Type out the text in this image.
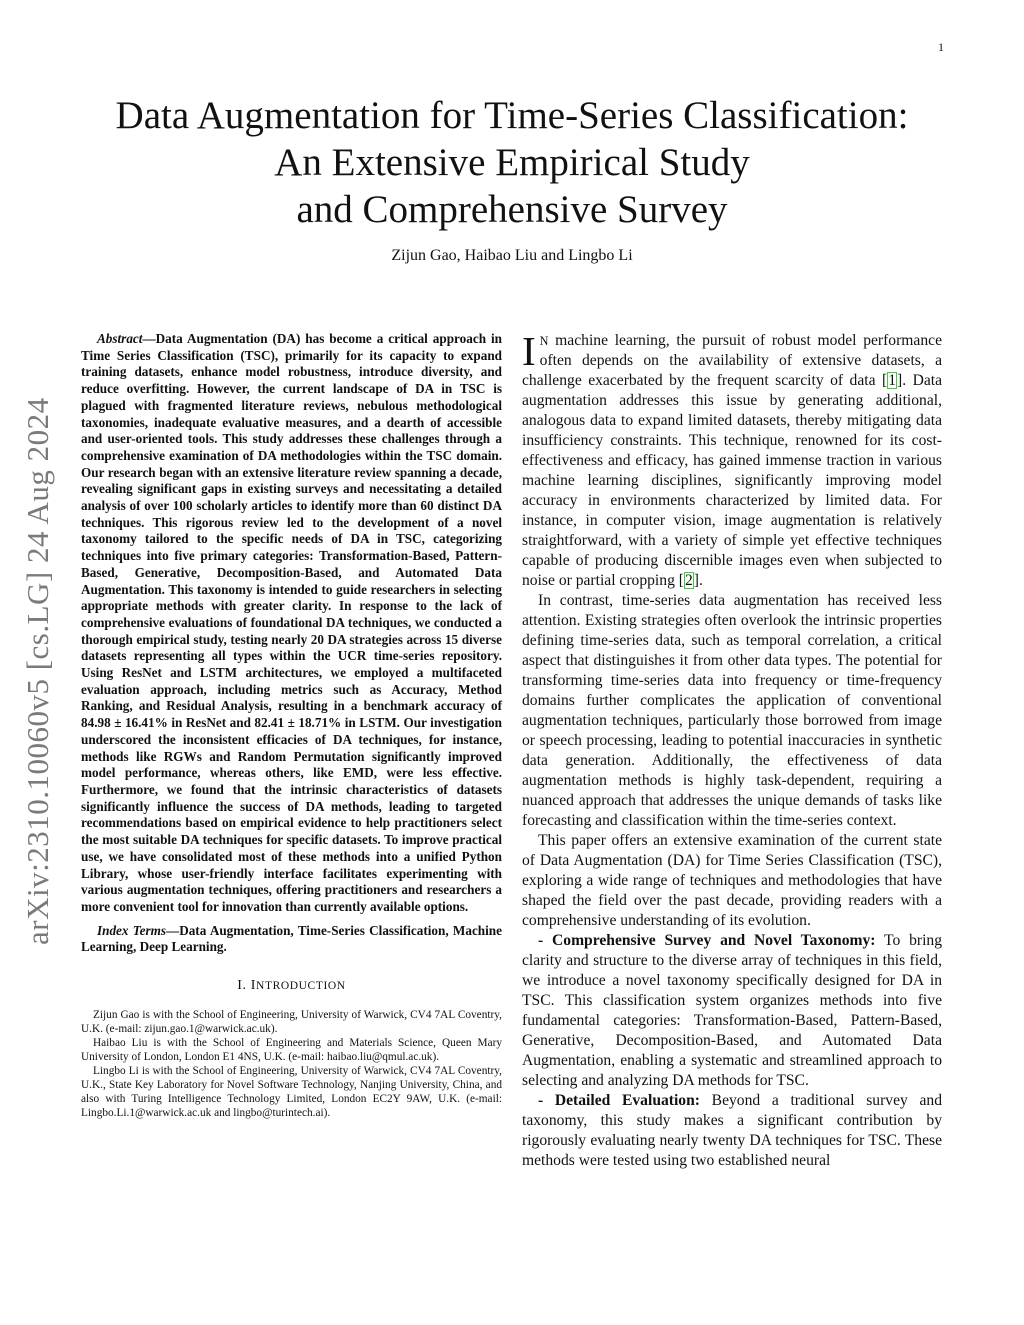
1
arXiv:2310.10060v5 [cs.LG] 24 Aug 2024
Data Augmentation for Time-Series Classification:
An Extensive Empirical Study
and Comprehensive Survey
Zijun Gao, Haibao Liu and Lingbo Li

Abstract—Data Augmentation (DA) has become a critical approach in Time Series Classification (TSC), primarily for its capacity to expand training datasets, enhance model robustness, introduce diversity, and reduce overfitting. However, the current landscape of DA in TSC is plagued with fragmented literature reviews, nebulous methodological taxonomies, inadequate evaluative measures, and a dearth of accessible and user-oriented tools. This study addresses these challenges through a comprehensive examination of DA methodologies within the TSC domain. Our research began with an extensive literature review spanning a decade, revealing significant gaps in existing surveys and necessitating a detailed analysis of over 100 scholarly articles to identify more than 60 distinct DA techniques. This rigorous review led to the development of a novel taxonomy tailored to the specific needs of DA in TSC, categorizing techniques into five primary categories: Transformation-Based, Pattern-Based, Generative, Decomposition-Based, and Automated Data Augmentation. This taxonomy is intended to guide researchers in selecting appropriate methods with greater clarity. In response to the lack of comprehensive evaluations of foundational DA techniques, we conducted a thorough empirical study, testing nearly 20 DA strategies across 15 diverse datasets representing all types within the UCR time-series repository. Using ResNet and LSTM architectures, we employed a multifaceted evaluation approach, including metrics such as Accuracy, Method Ranking, and Residual Analysis, resulting in a benchmark accuracy of 84.98 ± 16.41% in ResNet and 82.41 ± 18.71% in LSTM. Our investigation underscored the inconsistent efficacies of DA techniques, for instance, methods like RGWs and Random Permutation significantly improved model performance, whereas others, like EMD, were less effective. Furthermore, we found that the intrinsic characteristics of datasets significantly influence the success of DA methods, leading to targeted recommendations based on empirical evidence to help practitioners select the most suitable DA techniques for specific datasets. To improve practical use, we have consolidated most of these methods into a unified Python Library, whose user-friendly interface facilitates experimenting with various augmentation techniques, offering practitioners and researchers a more convenient tool for innovation than currently available options.

Index Terms—Data Augmentation, Time-Series Classification, Machine Learning, Deep Learning.

I. INTRODUCTION

Zijun Gao is with the School of Engineering, University of Warwick, CV4 7AL Coventry, U.K. (e-mail: zijun.gao.1@warwick.ac.uk).

Haibao Liu is with the School of Engineering and Materials Science, Queen Mary University of London, London E1 4NS, U.K. (e-mail: haibao.liu@qmul.ac.uk).

Lingbo Li is with the School of Engineering, University of Warwick, CV4 7AL Coventry, U.K., State Key Laboratory for Novel Software Technology, Nanjing University, China, and also with Turing Intelligence Technology Limited, London EC2Y 9AW, U.K. (e-mail: Lingbo.Li.1@warwick.ac.uk and lingbo@turintech.ai).

I N machine learning, the pursuit of robust model performance often depends on the availability of extensive datasets, a challenge exacerbated by the frequent scarcity of data [1]. Data augmentation addresses this issue by generating additional, analogous data to expand limited datasets, thereby mitigating data insufficiency constraints. This technique, renowned for its cost-effectiveness and efficacy, has gained immense traction in various machine learning disciplines, significantly improving model accuracy in environments characterized by limited data. For instance, in computer vision, image augmentation is relatively straightforward, with a variety of simple yet effective techniques capable of producing discernible images even when subjected to noise or partial cropping [2].

In contrast, time-series data augmentation has received less attention. Existing strategies often overlook the intrinsic properties defining time-series data, such as temporal correlation, a critical aspect that distinguishes it from other data types. The potential for transforming time-series data into frequency or time-frequency domains further complicates the application of conventional augmentation techniques, particularly those borrowed from image or speech processing, leading to potential inaccuracies in synthetic data generation. Additionally, the effectiveness of data augmentation methods is highly task-dependent, requiring a nuanced approach that addresses the unique demands of tasks like forecasting and classification within the time-series context.

This paper offers an extensive examination of the current state of Data Augmentation (DA) for Time Series Classification (TSC), exploring a wide range of techniques and methodologies that have shaped the field over the past decade, providing readers with a comprehensive understanding of its evolution.

- Comprehensive Survey and Novel Taxonomy: To bring clarity and structure to the diverse array of techniques in this field, we introduce a novel taxonomy specifically designed for DA in TSC. This classification system organizes methods into five fundamental categories: Transformation-Based, Pattern-Based, Generative, Decomposition-Based, and Automated Data Augmentation, enabling a systematic and streamlined approach to selecting and analyzing DA methods for TSC.

- Detailed Evaluation: Beyond a traditional survey and taxonomy, this study makes a significant contribution by rigorously evaluating nearly twenty DA techniques for TSC. These methods were tested using two established neural
